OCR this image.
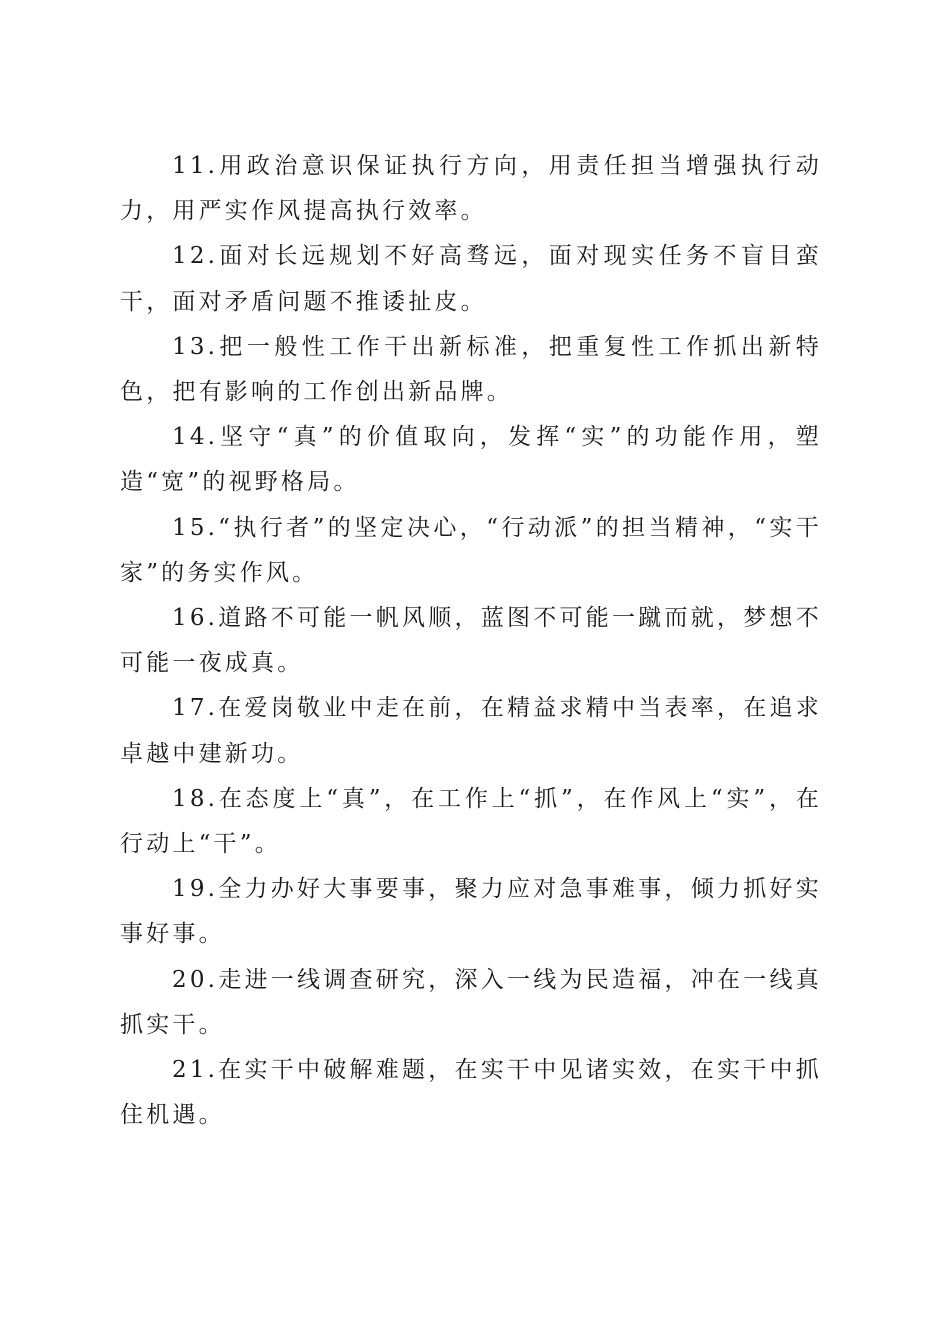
11.用政治意识保证执行方向，用责任担当增强执行动力，用严实作风提高执行效率。

12.面对长远规划不好高骛远，面对现实任务不盲目蛮干，面对矛盾问题不推诿扯皮。

13.把一般性工作干出新标准，把重复性工作抓出新特色，把有影响的工作创出新品牌。

14.坚守“真”的价值取向，发挥“实”的功能作用，塑造“宽”的视野格局。

15.“执行者”的坚定决心，“行动派”的担当精神，“实干家”的务实作风。

16.道路不可能一帆风顺，蓝图不可能一蹴而就，梦想不可能一夜成真。

17.在爱岗敬业中走在前，在精益求精中当表率，在追求卓越中建新功。

18.在态度上“真”，在工作上“抓”，在作风上“实”，在行动上“干”。

19.全力办好大事要事，聚力应对急事难事，倾力抓好实事好事。

20.走进一线调查研究，深入一线为民造福，冲在一线真抓实干。

21.在实干中破解难题，在实干中见诸实效，在实干中抓住机遇。
